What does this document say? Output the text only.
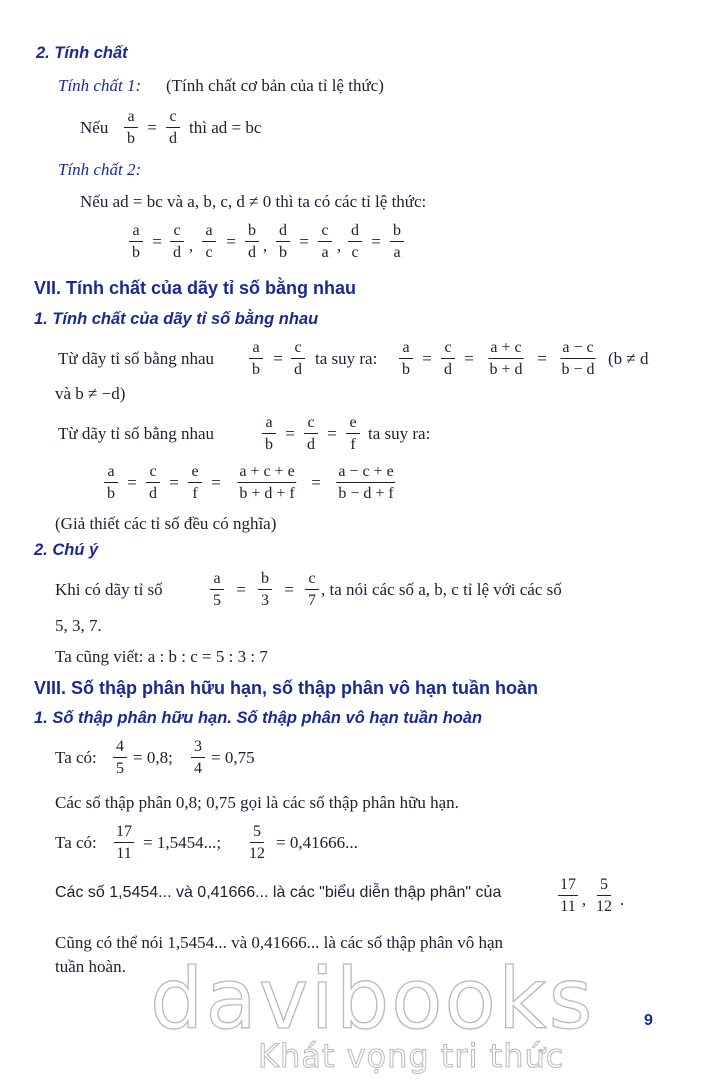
2. Tính chất
Tính chất 1: (Tính chất cơ bản của tỉ lệ thức)
Nếu $\frac{a}{b} = \frac{c}{d}$ thì ad = bc
Tính chất 2:
Nếu ad = bc và a, b, c, d ≠ 0 thì ta có các tỉ lệ thức:
$\frac{a}{b} = \frac{c}{d}$ , $\frac{a}{c} = \frac{b}{d}$ , $\frac{d}{b} = \frac{c}{a}$ , $\frac{d}{c} = \frac{b}{a}$
VII. Tính chất của dãy tỉ số bằng nhau
1. Tính chất của dãy tỉ số bằng nhau
Từ dãy tỉ số bằng nhau $\frac{a}{b} = \frac{c}{d}$ ta suy ra: $\frac{a}{b} = \frac{c}{d} = \frac{a + c}{b + d} = \frac{a - c}{b - d} (b \ne d$
và b ≠ −d)
Từ dãy tỉ số bằng nhau	$\frac{a}{b} = \frac{c}{d} = \frac{e}{f}$ ta suy ra:
$\frac{a}{b} = \frac{c}{d} = \frac{e}{f} = \frac{a + c + e}{b + d + f} = \frac{a - c + e}{b - d + f}$
(Giả thiết các tỉ số đều có nghĩa)
2. Chú ý
Khi có dãy tỉ số	$\frac{a}{5} = \frac{b}{3} = \frac{c}{7}$ , ta nói các số a, b, c tỉ lệ với các số
5, 3, 7.
Ta cũng viết: a : b : c = 5 : 3 : 7
VIII. Số thập phân hữu hạn, số thập phân vô hạn tuần hoàn
1. Số thập phân hữu hạn. Số thập phân vô hạn tuần hoàn
Ta có: $\frac{4}{5} = 0,8$; $\frac{3}{4} = 0,75$
Các số thập phân 0,8; 0,75 gọi là các số thập phân hữu hạn.
Ta có: $\frac{17}{11} = 1,5454$...; $\frac{5}{12} = 0,41666$...
Các số 1,5454... và 0,41666... là các "biểu diễn thập phân" của	$\frac{17}{11}$ , $\frac{5}{12}$ .
Cũng có thể nói 1,5454... và 0,41666... là các số thập phân vô hạn
tuần hoàn. davibooks
Khát vọng tri thức
9
